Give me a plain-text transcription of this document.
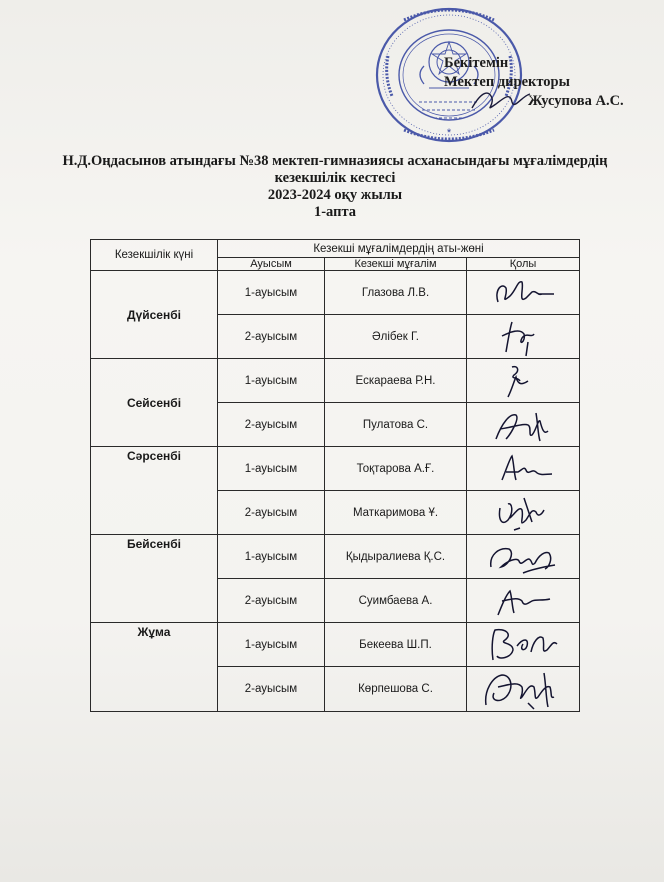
*
Бекітемін
Мектеп директоры
Жусупова А.С.
Н.Д.Оңдасынов атындағы №38 мектеп-гимназиясы асханасындағы мұғалімдердің
кезекшілік кестесі
2023-2024 оқу жылы
1-апта
Кезекшілік күні	Кезекші мұғалімдердің аты-жөні		
	Ауысым	Кезекші мұғалім	Қолы
Дүйсенбі	1-ауысым	Глазова Л.В.	

	2-ауысым	Әлібек Г.	

Сейсенбі	1-ауысым	Ескараева Р.Н.	

	2-ауысым	Пулатова С.	

Сәрсенбі	1-ауысым	Тоқтарова А.Ғ.	

	2-ауысым	Маткаримова Ұ.	

Бейсенбі	1-ауысым	Қыдыралиева Қ.С.	

	2-ауысым	Суимбаева А.	

Жұма	1-ауысым	Бекеева Ш.П.	

	2-ауысым	Көрпешова С.	
